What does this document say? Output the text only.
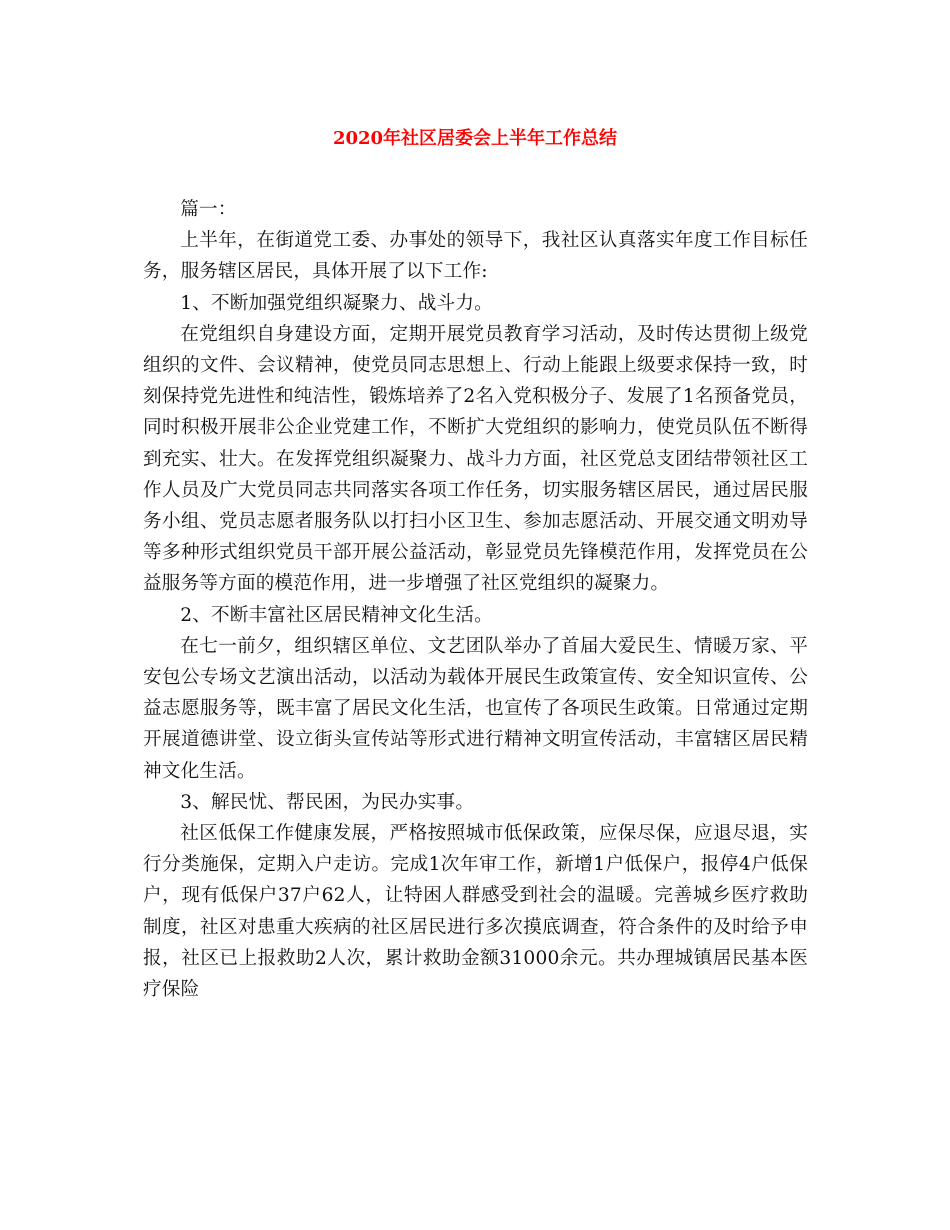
2020年社区居委会上半年工作总结

篇一：

上半年，在街道党工委、办事处的领导下，我社区认真落实年度工作目标任务，服务辖区居民，具体开展了以下工作:

1、不断加强党组织凝聚力、战斗力。

在党组织自身建设方面，定期开展党员教育学习活动，及时传达贯彻上级党组织的文件、会议精神，使党员同志思想上、行动上能跟上级要求保持一致，时刻保持党先进性和纯洁性，锻炼培养了2名入党积极分子、发展了1名预备党员，同时积极开展非公企业党建工作，不断扩大党组织的影响力，使党员队伍不断得到充实、壮大。在发挥党组织凝聚力、战斗力方面，社区党总支团结带领社区工作人员及广大党员同志共同落实各项工作任务，切实服务辖区居民，通过居民服务小组、党员志愿者服务队以打扫小区卫生、参加志愿活动、开展交通文明劝导等多种形式组织党员干部开展公益活动，彰显党员先锋模范作用，发挥党员在公益服务等方面的模范作用，进一步增强了社区党组织的凝聚力。

2、不断丰富社区居民精神文化生活。

在七一前夕，组织辖区单位、文艺团队举办了首届大爱民生、情暖万家、平安包公专场文艺演出活动，以活动为载体开展民生政策宣传、安全知识宣传、公益志愿服务等，既丰富了居民文化生活，也宣传了各项民生政策。日常通过定期开展道德讲堂、设立街头宣传站等形式进行精神文明宣传活动，丰富辖区居民精神文化生活。

3、解民忧、帮民困，为民办实事。

社区低保工作健康发展，严格按照城市低保政策，应保尽保，应退尽退，实行分类施保，定期入户走访。完成1次年审工作，新增1户低保户，报停4户低保户，现有低保户37户62人，让特困人群感受到社会的温暖。完善城乡医疗救助制度，社区对患重大疾病的社区居民进行多次摸底调查，符合条件的及时给予申报，社区已上报救助2人次，累计救助金额31000余元。共办理城镇居民基本医疗保险
